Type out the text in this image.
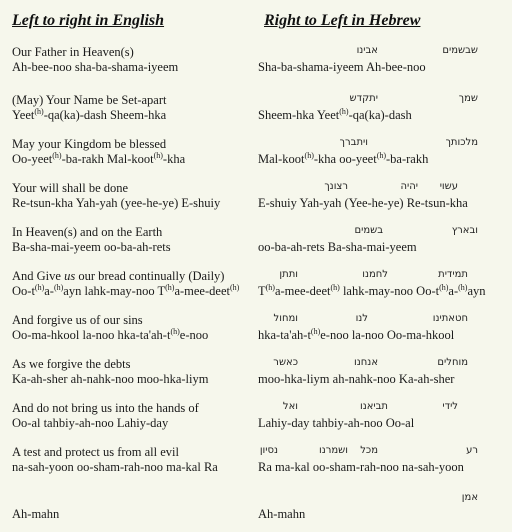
Left to right in English	Right to Left in Hebrew
Our Father in Heaven(s)
Ah-bee-noo sha-ba-shama-iyeem
אבינו	שבשמים
Sha-ba-shama-iyeem Ah-bee-noo
(May) Your Name be Set-apart
Yeet$^{(h)}$-qa(ka)-dash Sheem-hka
יתקדש	שמך
Sheem-hka Yeet$^{(h)}$-qa(ka)-dash
May your Kingdom be blessed
Oo-yeet$^{(h)}$-ba-rakh Mal-koot$^{(h)}$-kha
ויתברך	מלכותך
Mal-koot$^{(h)}$-kha oo-yeet$^{(h)}$-ba-rakh
Your will shall be done
Re-tsun-kha Yah-yah (yee-he-ye) E-shuiy
רצונך	יהיה עשוי
E-shuiy Yah-yah (Yee-he-ye) Re-tsun-kha
In Heaven(s) and on the Earth
Ba-sha-mai-yeem oo-ba-ah-rets
בשמים	ובארץ
oo-ba-ah-rets Ba-sha-mai-yeem
And Give us our bread continually (Daily)
$Oo-t^{(h)}a-^{(h)}ayn$ lahk-may-noo $T^{(h)}a-mee-deet^{(h)}$
ותתן	לחמנו	תמידית
$T^{(h)}a-mee-deet^{(h)}$ lahk-may-noo $Oo-t^{(h)}a-^{(h)}ayn$
And forgive us of our sins
Oo-ma-hkool la-noo hka-$ta'ah-t^{(h)}e$-noo
ומחול	לנו	חטאתינו
hka-$ta'ah-t^{(h)}e$-noo la-noo Oo-ma-hkool
As we forgive the debts
Ka-ah-sher ah-nahk-noo moo-hka-liym
כאשר	אנחנו	מוחלים
moo-hka-liym ah-nahk-noo Ka-ah-sher
And do not bring us into the hands of
Oo-al tahbiy-ah-noo Lahiy-day
ואל	תביאנו	לידי
Lahiy-day tahbiy-ah-noo Oo-al
A test and protect us from all evil
na-sah-yoon oo-sham-rah-noo ma-kal Ra
נסיון	ושמרנו מכל	רע
Ra ma-kal oo-sham-rah-noo na-sah-yoon
Ah-mahn
אמן
Ah-mahn
